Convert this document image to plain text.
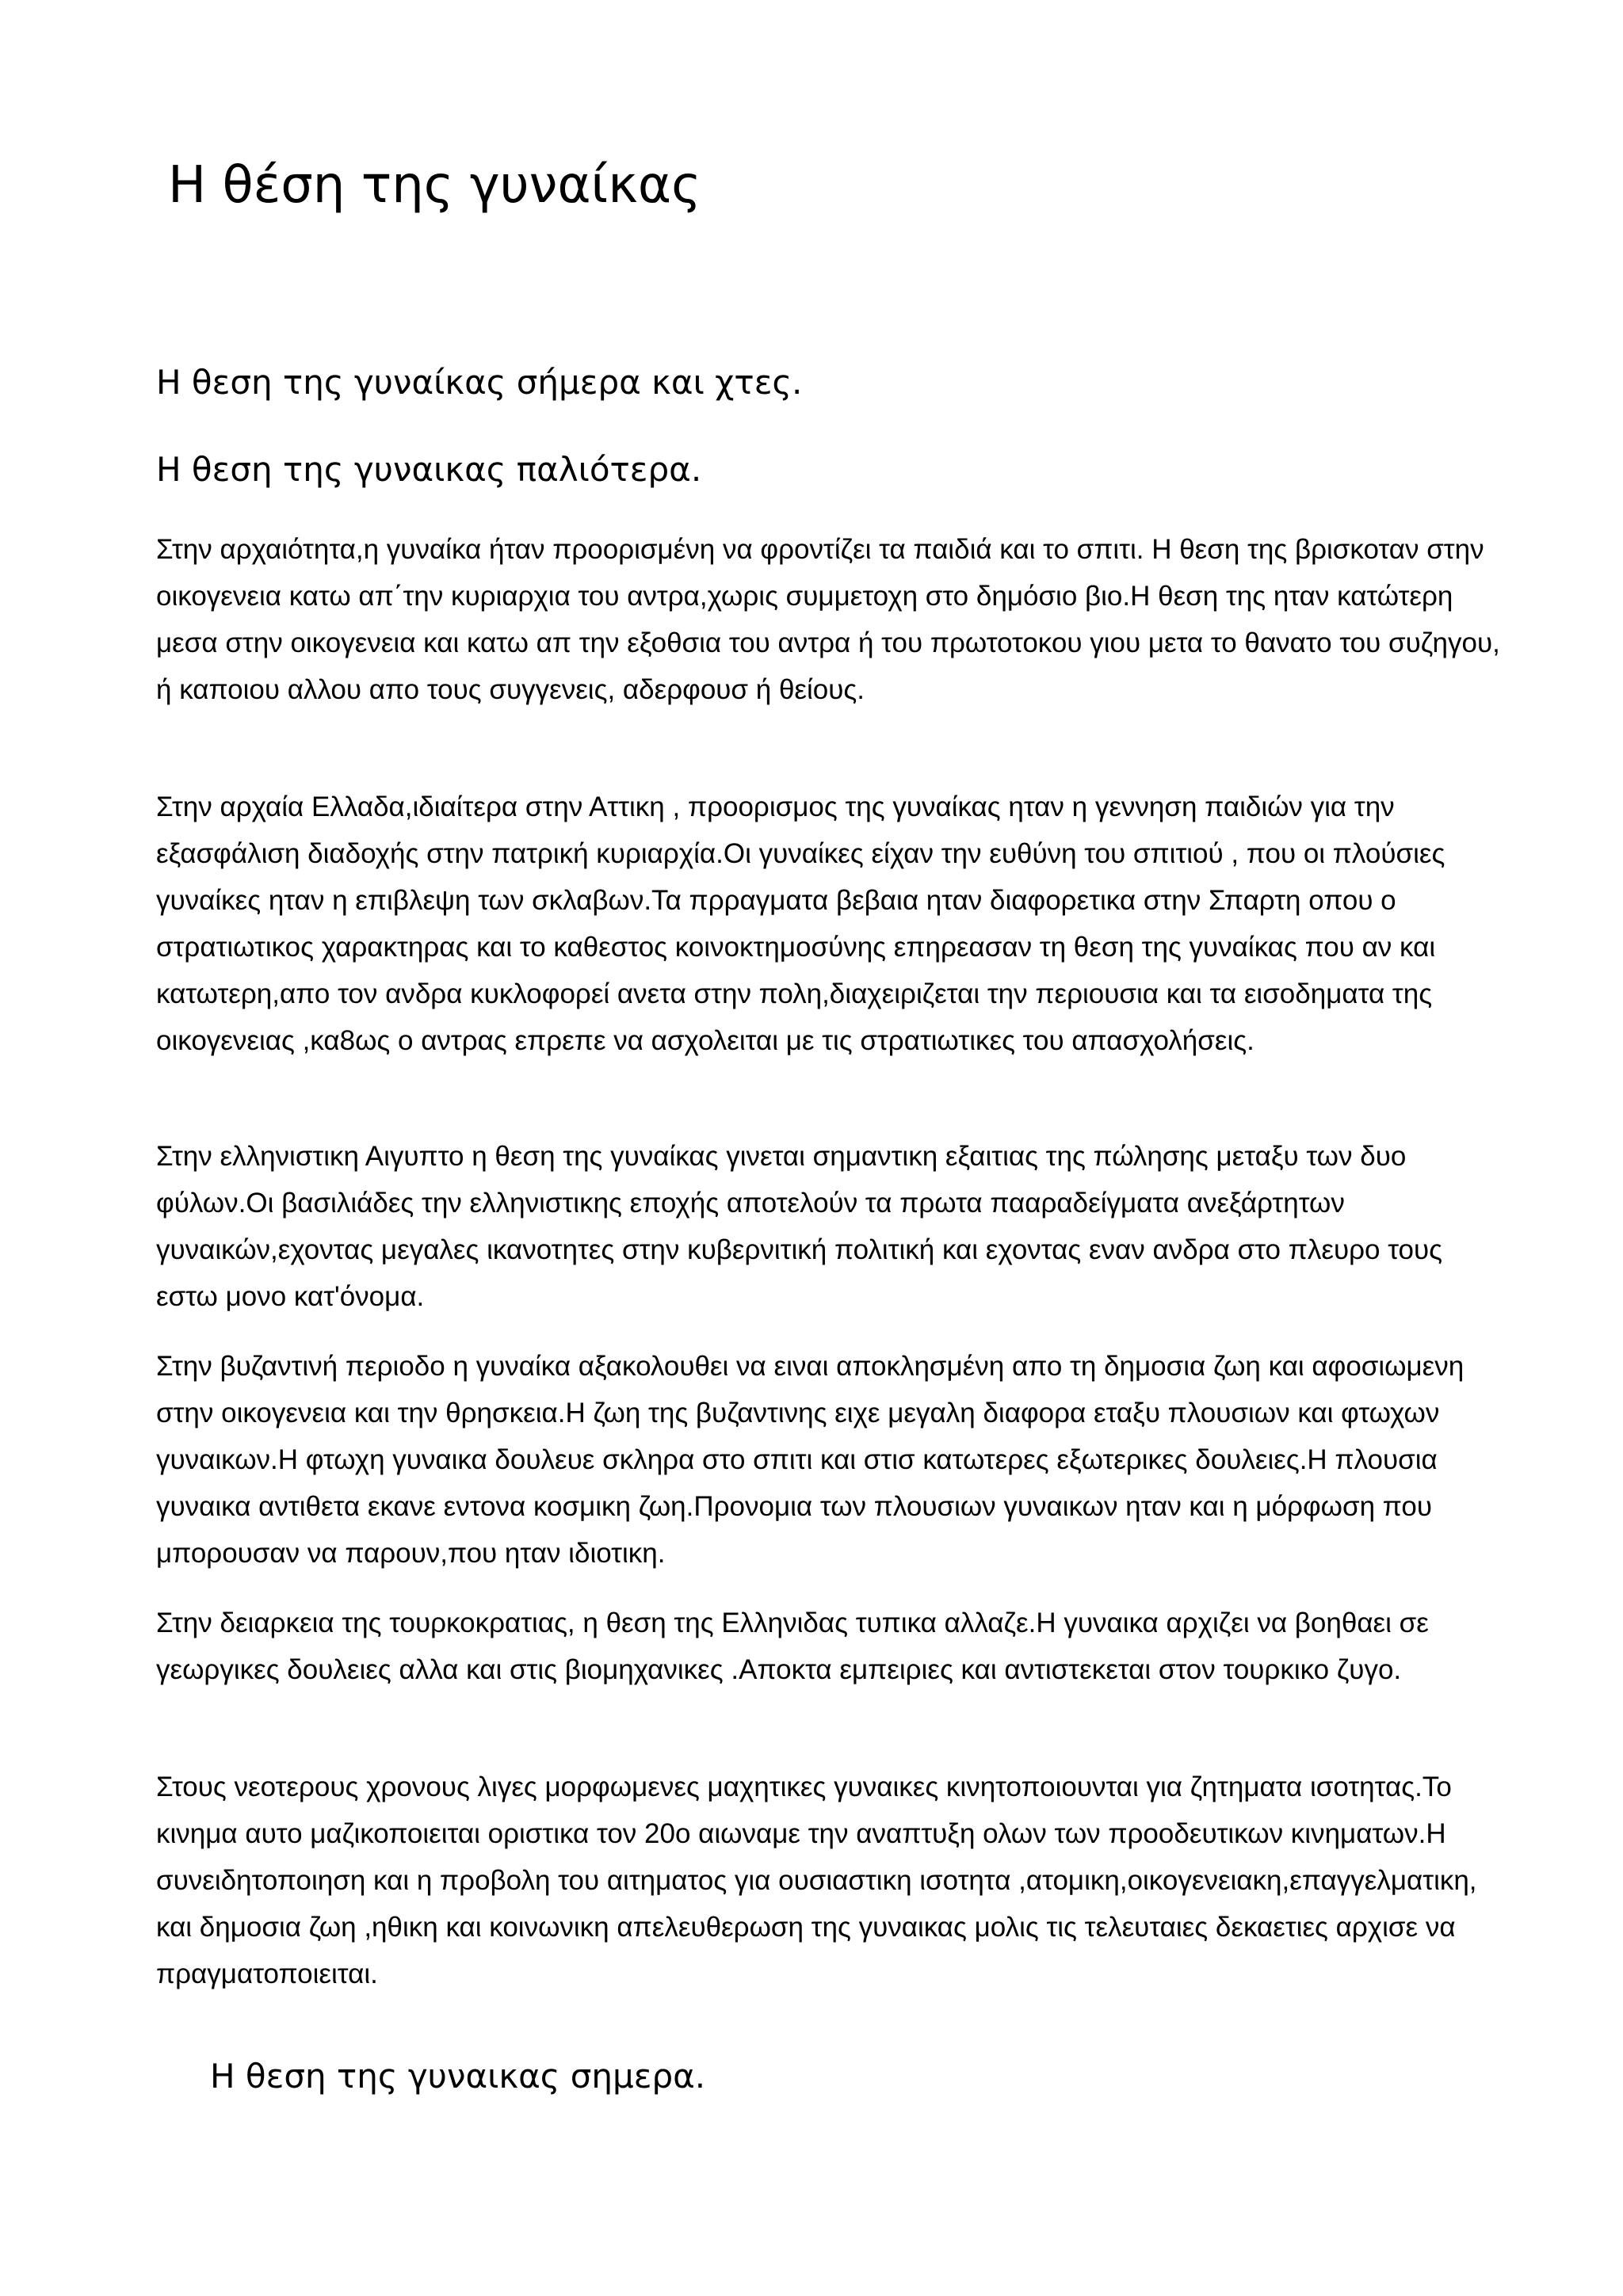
Η θέση της γυναίκας
Η θεση της γυναίκας σήμερα και χτες.
Η θεση της γυναικας παλιότερα.

Στην αρχαιότητα,η γυναίκα ήταν προορισμένη να φροντίζει τα παιδιά και το σπιτι. Η θεση της βρισκοταν στην οικογενεια κατω απ΄την κυριαρχια του αντρα,χωρις συμμετοχη στο δημόσιο βιο.Η θεση της ηταν κατώτερη μεσα στην οικογενεια και κατω απ την εξοθσια του αντρα ή του πρωτοτοκου γιου μετα το θανατο του συζηγου, ή καποιου αλλου απο τους συγγενεις, αδερφουσ ή θείους.

Στην αρχαία Ελλαδα,ιδιαίτερα στην Αττικη , προορισμος της γυναίκας ηταν η γεννηση παιδιών για την εξασφάλιση διαδοχής στην πατρική κυριαρχία.Οι γυναίκες είχαν την ευθύνη του σπιτιού , που οι πλούσιες γυναίκες ηταν η επιβλεψη των σκλαβων.Τα πρραγματα βεβαια ηταν διαφορετικα στην Σπαρτη οπου ο στρατιωτικος χαρακτηρας και το καθεστος κοινοκτημοσύνης επηρεασαν τη θεση της γυναίκας που αν και κατωτερη,απο τον ανδρα κυκλοφορεί ανετα στην πολη,διαχειριζεται την περιουσια και τα εισοδηματα της οικογενειας ,κα8ως ο αντρας επρεπε να ασχολειται με τις στρατιωτικες του απασχολήσεις.

Στην ελληνιστικη Αιγυπτο η θεση της γυναίκας γινεται σημαντικη εξαιτιας της πώλησης μεταξυ των δυο φύλων.Οι βασιλιάδες την ελληνιστικης εποχής αποτελούν τα πρωτα πααραδείγματα ανεξάρτητων γυναικών,εχοντας μεγαλες ικανοτητες στην κυβερνιτική πολιτική και εχοντας εναν ανδρα στο πλευρο τους εστω μονο κατ'όνομα.

Στην βυζαντινή περιοδο η γυναίκα αξακολουθει να ειναι αποκλησμένη απο τη δημοσια ζωη και αφοσιωμενη στην οικογενεια και την θρησκεια.Η ζωη της βυζαντινης ειχε μεγαλη διαφορα εταξυ πλουσιων και φτωχων γυναικων.Η φτωχη γυναικα δουλευε σκληρα στο σπιτι και στισ κατωτερες εξωτερικες δουλειες.Η πλουσια γυναικα αντιθετα εκανε εντονα κοσμικη ζωη.Προνομια των πλουσιων γυναικων ηταν και η μόρφωση που μπορουσαν να παρουν,που ηταν ιδιοτικη.

Στην δειαρκεια της τουρκοκρατιας, η θεση της Ελληνιδας τυπικα αλλαζε.Η γυναικα αρχιζει να βοηθαει σε γεωργικες δουλειες αλλα και στις βιομηχανικες .Αποκτα εμπειριες και αντιστεκεται στον τουρκικο ζυγο.

Στους νεοτερους χρονους λιγες μορφωμενες μαχητικες γυναικες κινητοποιουνται για ζητηματα ισοτητας.Το κινημα αυτο μαζικοποιειται οριστικα τον 20ο αιωναμε την αναπτυξη ολων των προοδευτικων κινηματων.Η συνειδητοποιηση και η προβολη του αιτηματος για ουσιαστικη ισοτητα ,ατομικη,οικογενειακη,επαγγελματικη, και δημοσια ζωη ,ηθικη και κοινωνικη απελευθερωση της γυναικας μολις τις τελευταιες δεκαετιες αρχισε να πραγματοποιειται.

Η θεση της γυναικας σημερα.
